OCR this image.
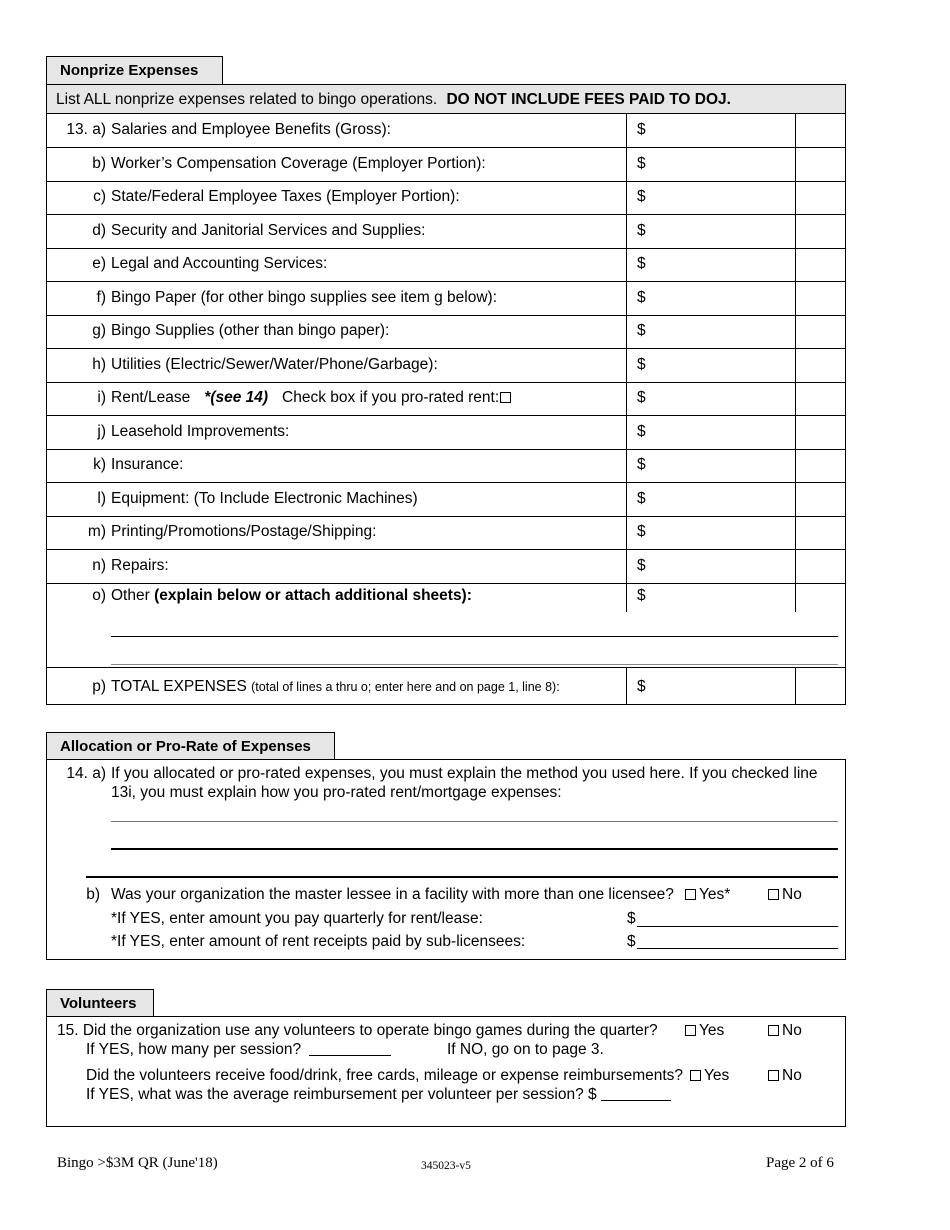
Nonprize Expenses
List ALL nonprize expenses related to bingo operations. DO NOT INCLUDE FEES PAID TO DOJ.
13. a) Salaries and Employee Benefits (Gross):	$
b) Worker’s Compensation Coverage (Employer Portion):	$
c) State/Federal Employee Taxes (Employer Portion):	$
d) Security and Janitorial Services and Supplies:	$
e) Legal and Accounting Services:	$
f) Bingo Paper (for other bingo supplies see item g below):	$
g) Bingo Supplies (other than bingo paper):	$
h) Utilities (Electric/Sewer/Water/Phone/Garbage):	$
i) Rent/Lease *(see 14) Check box if you pro-rated rent:	$
j) Leasehold Improvements:	$
k) Insurance:	$
l) Equipment: (To Include Electronic Machines)	$
m) Printing/Promotions/Postage/Shipping:	$
n) Repairs:	$
o) Other (explain below or attach additional sheets):	$
p) TOTAL EXPENSES (total of lines a thru o; enter here and on page 1, line 8):	$
Allocation or Pro-Rate of Expenses
14. a) If you allocated or pro-rated expenses, you must explain the method you used here. If you checked line
13i, you must explain how you pro-rated rent/mortgage expenses:
b) Was your organization the master lessee in a facility with more than one licensee?	Yes*	No
*If YES, enter amount you pay quarterly for rent/lease:	$
*If YES, enter amount of rent receipts paid by sub-licensees:	$
Volunteers
15. Did the organization use any volunteers to operate bingo games during the quarter?	Yes	No
If YES, how many per session?	If NO, go on to page 3.
Did the volunteers receive food/drink, free cards, mileage or expense reimbursements?	Yes	No
If YES, what was the average reimbursement per volunteer per session? $
Bingo >$3M QR (June'18)	345023-v5	Page 2 of 6
